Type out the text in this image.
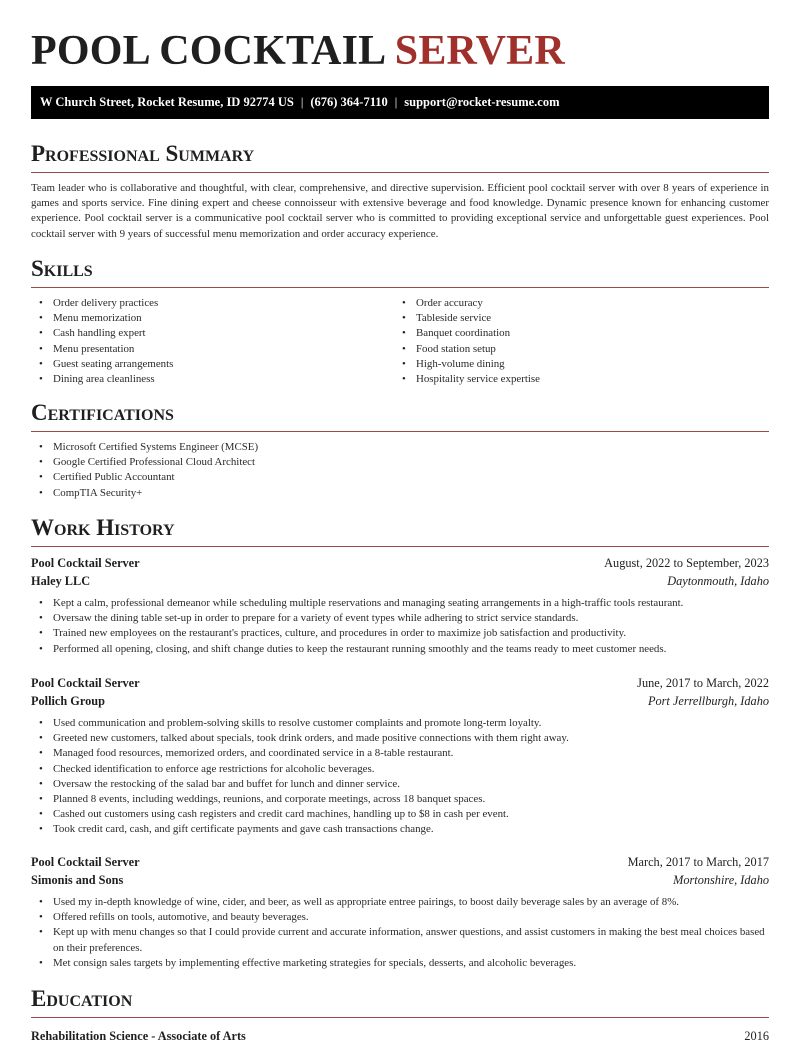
POOL COCKTAIL SERVER
W Church Street, Rocket Resume, ID 92774 US | (676) 364-7110 | support@rocket-resume.com
Professional Summary

Team leader who is collaborative and thoughtful, with clear, comprehensive, and directive supervision. Efficient pool cocktail server with over 8 years of experience in games and sports service. Fine dining expert and cheese connoisseur with extensive beverage and food knowledge. Dynamic presence known for enhancing customer experience. Pool cocktail server is a communicative pool cocktail server who is committed to providing exceptional service and unforgettable guest experiences. Pool cocktail server with 9 years of successful menu memorization and order accuracy experience.

Skills
• Order delivery practices
• Menu memorization
• Cash handling expert
• Menu presentation
• Guest seating arrangements
• Dining area cleanliness
• Order accuracy
• Tableside service
• Banquet coordination
• Food station setup
• High-volume dining
• Hospitality service expertise
Certifications
• Microsoft Certified Systems Engineer (MCSE)
• Google Certified Professional Cloud Architect
• Certified Public Accountant
• CompTIA Security+
Work History
Pool Cocktail Server	August, 2022 to September, 2023
Haley LLC	Daytonmouth, Idaho
• Kept a calm, professional demeanor while scheduling multiple reservations and managing seating arrangements in a high-traffic tools restaurant.
• Oversaw the dining table set-up in order to prepare for a variety of event types while adhering to strict service standards.
• Trained new employees on the restaurant's practices, culture, and procedures in order to maximize job satisfaction and productivity.
• Performed all opening, closing, and shift change duties to keep the restaurant running smoothly and the teams ready to meet customer needs.
Pool Cocktail Server	June, 2017 to March, 2022
Pollich Group	Port Jerrellburgh, Idaho
• Used communication and problem-solving skills to resolve customer complaints and promote long-term loyalty.
• Greeted new customers, talked about specials, took drink orders, and made positive connections with them right away.
• Managed food resources, memorized orders, and coordinated service in a 8-table restaurant.
• Checked identification to enforce age restrictions for alcoholic beverages.
• Oversaw the restocking of the salad bar and buffet for lunch and dinner service.
• Planned 8 events, including weddings, reunions, and corporate meetings, across 18 banquet spaces.
• Cashed out customers using cash registers and credit card machines, handling up to $8 in cash per event.
• Took credit card, cash, and gift certificate payments and gave cash transactions change.
Pool Cocktail Server	March, 2017 to March, 2017
Simonis and Sons	Mortonshire, Idaho
• Used my in-depth knowledge of wine, cider, and beer, as well as appropriate entree pairings, to boost daily beverage sales by an average of 8%.
• Offered refills on tools, automotive, and beauty beverages.
• Kept up with menu changes so that I could provide current and accurate information, answer questions, and assist customers in making the best meal choices based on their preferences.
• Met consign sales targets by implementing effective marketing strategies for specials, desserts, and alcoholic beverages.
Education
Rehabilitation Science - Associate of Arts	2016
